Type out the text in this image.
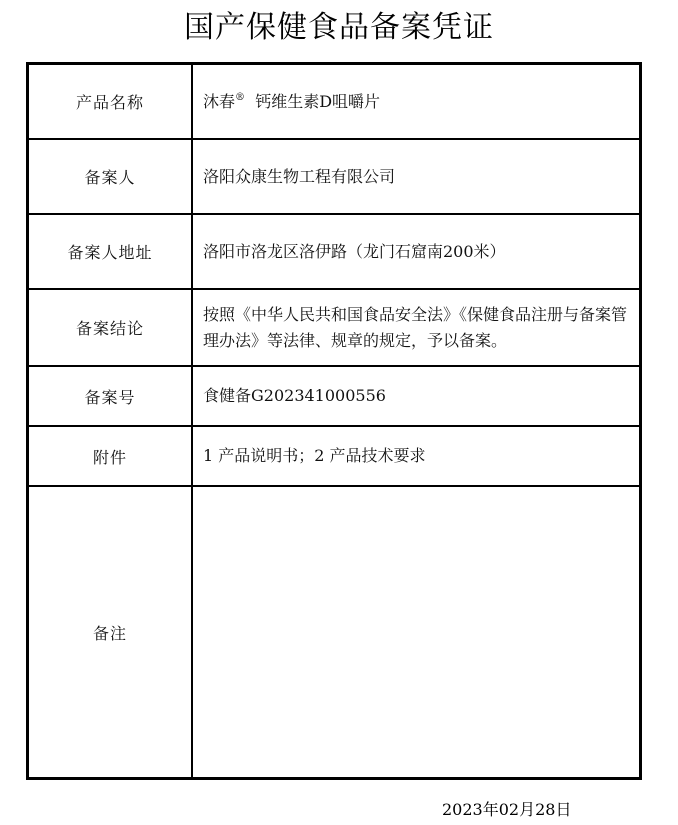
国产保健食品备案凭证
产品名称	沐春® 钙维生素D咀嚼片
备案人	洛阳众康生物工程有限公司
备案人地址	洛阳市洛龙区洛伊路（龙门石窟南200米）
备案结论	按照《中华人民共和国食品安全法》《保健食品注册与备案管理办法》等法律、规章的规定，予以备案。
备案号	食健备G202341000556
附件	1 产品说明书；2 产品技术要求
备注	
2023年02月28日
